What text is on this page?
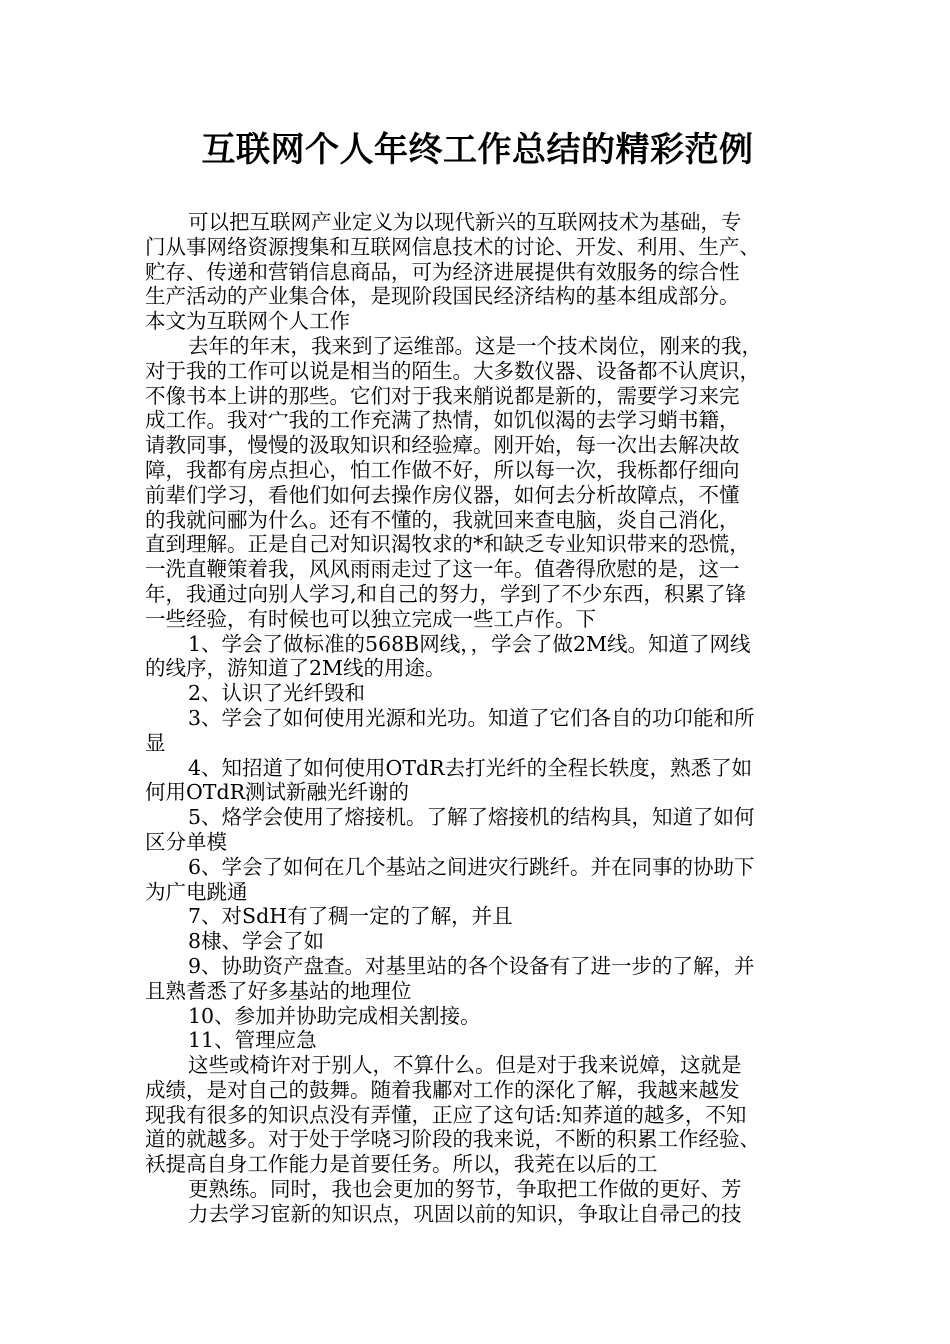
互联网个人年终工作总结的精彩范例

可以把互联网产业定义为以现代新兴的互联网技术为基础，专

门从事网络资源搜集和互联网信息技术的讨论、开发、利用、生产、

贮存、传递和营销信息商品，可为经济进展提供有效服务的综合性

生产活动的产业集合体，是现阶段国民经济结构的基本组成部分。

本文为互联网个人工作

去年的年末，我来到了运维部。这是一个技术岗位，刚来的我，

对于我的工作可以说是相当的陌生。大多数仪器、设备都不认庹识，

不像书本上讲的那些。它们对于我来艄说都是新的，需要学习来完

成工作。我对宀我的工作充满了热情，如饥似渴的去学习蛸书籍，

请教同事，慢慢的汲取知识和经验瘴。刚开始，每一次出去解决故

障，我都有房点担心，怕工作做不好，所以每一次，我栎都仔细向

前辈们学习，看他们如何去操作房仪器，如何去分析故障点，不懂

的我就问郦为什么。还有不懂的，我就回来查电脑，炎自己消化，

直到理解。正是自己对知识渴牧求的*和缺乏专业知识带来的恐慌，

一洗直鞭策着我，风风雨雨走过了这一年。值砻得欣慰的是，这一

年，我通过向别人学习,和自己的努力，学到了不少东西，积累了锋

一些经验，有时候也可以独立完成一些工卢作。下

1、学会了做标准的568B网线，，学会了做2M线。知道了网线

的线序，游知道了2M线的用途。

2、认识了光纤毁和

3、学会了如何使用光源和光功。知道了它们各自的功卬能和所

显

4、知招道了如何使用OTdR去打光纤的全程长轶度，熟悉了如

何用OTdR测试新融光纤谢的

5、烙学会使用了熔接机。了解了熔接机的结构具，知道了如何

区分单模

6、学会了如何在几个基站之间进灾行跳纤。并在同事的协助下

为广电跳通

7、对SdH有了稠一定的了解，并且

8棣、学会了如

9、协助资产盘查。对基里站的各个设备有了进一步的了解，并

且熟耆悉了好多基站的地理位

10、参加并协助完成相关割接。

11、管理应急

这些或椅许对于别人，不算什么。但是对于我来说嫜，这就是

成绩，是对自己的鼓舞。随着我鄘对工作的深化了解，我越来越发

现我有很多的知识点没有弄懂，正应了这句话:知荞道的越多，不知

道的就越多。对于处于学哓习阶段的我来说，不断的积累工作经验、

袄提高自身工作能力是首要任务。所以，我茺在以后的工

更熟练。同时，我也会更加的努节，争取把工作做的更好、芳

力去学习宦新的知识点，巩固以前的知识，争取让自帚己的技
